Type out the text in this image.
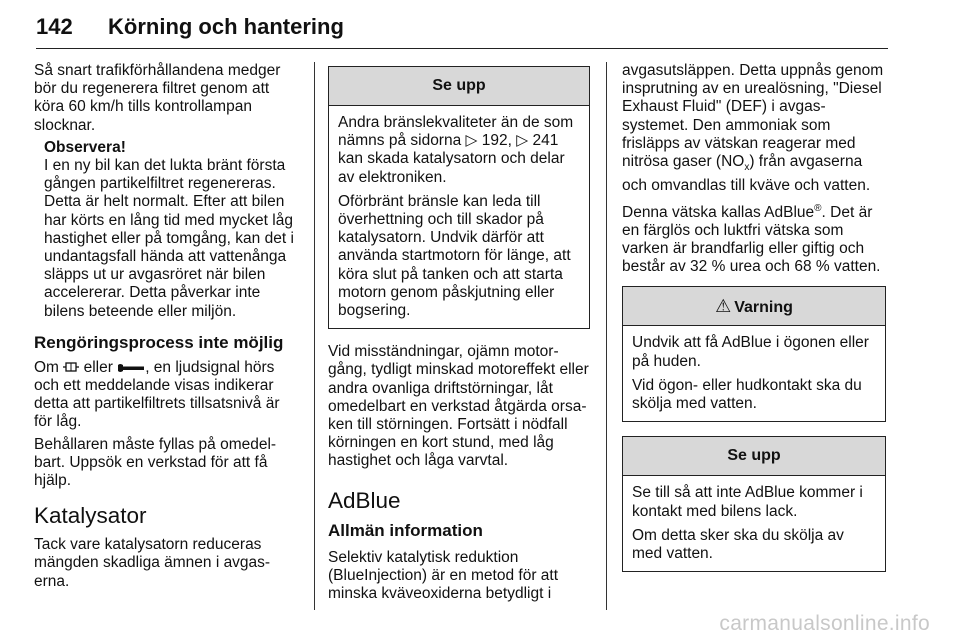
142 Körning och hantering

Så snart trafikförhållandena medger bör du regenerera filtret genom att köra 60 km/h tills kontrollampan slocknar.

Observera!
I en ny bil kan det lukta bränt första gången partikelfiltret regenereras. Detta är helt normalt. Efter att bilen har körts en lång tid med mycket låg hastighet eller på tomgång, kan det i undantagsfall hända att vattenånga släpps ut ur avgasröret när bilen accelererar. Detta påverkar inte bilens beteende eller miljön.
Rengöringsprocess inte möjlig

Om  eller , en ljudsignal hörs och ett meddelande visas indikerar detta att partikelfiltrets tillsatsnivå är för låg.

Behållaren måste fyllas på omedel-bart. Uppsök en verkstad för att få hjälp.

Katalysator

Tack vare katalysatorn reduceras mängden skadliga ämnen i avgas-erna.

Se upp

Andra bränslekvaliteter än de som nämns på sidorna ▷ 192, ▷ 241 kan skada katalysatorn och delar av elektroniken.

Oförbränt bränsle kan leda till överhettning och till skador på katalysatorn. Undvik därför att använda startmotorn för länge, att köra slut på tanken och att starta motorn genom påskjutning eller bogsering.

Vid misständningar, ojämn motor-gång, tydligt minskad motoreffekt eller andra ovanliga driftstörningar, låt omedelbart en verkstad åtgärda orsa-ken till störningen. Fortsätt i nödfall körningen en kort stund, med låg hastighet och låga varvtal.

AdBlue
Allmän information

Selektiv katalytisk reduktion (BlueInjection) är en metod för att minska kväveoxiderna betydligt i

avgasutsläppen. Detta uppnås genom insprutning av en urealösning, "Diesel Exhaust Fluid" (DEF) i avgas-systemet. Den ammoniak som frisläpps av vätskan reagerar med nitrösa gaser $(NO_x)$ från avgaserna och omvandlas till kväve och vatten.

Denna vätska kallas AdBlue®. Det är en färglös och luktfri vätska som varken är brandfarlig eller giftig och består av 32 % urea och 68 % vatten.

⚠ Varning

Undvik att få AdBlue i ögonen eller på huden.

Vid ögon- eller hudkontakt ska du skölja med vatten.

Se upp

Se till så att inte AdBlue kommer i kontakt med bilens lack.

Om detta sker ska du skölja av med vatten.

carmanualsonline.info
